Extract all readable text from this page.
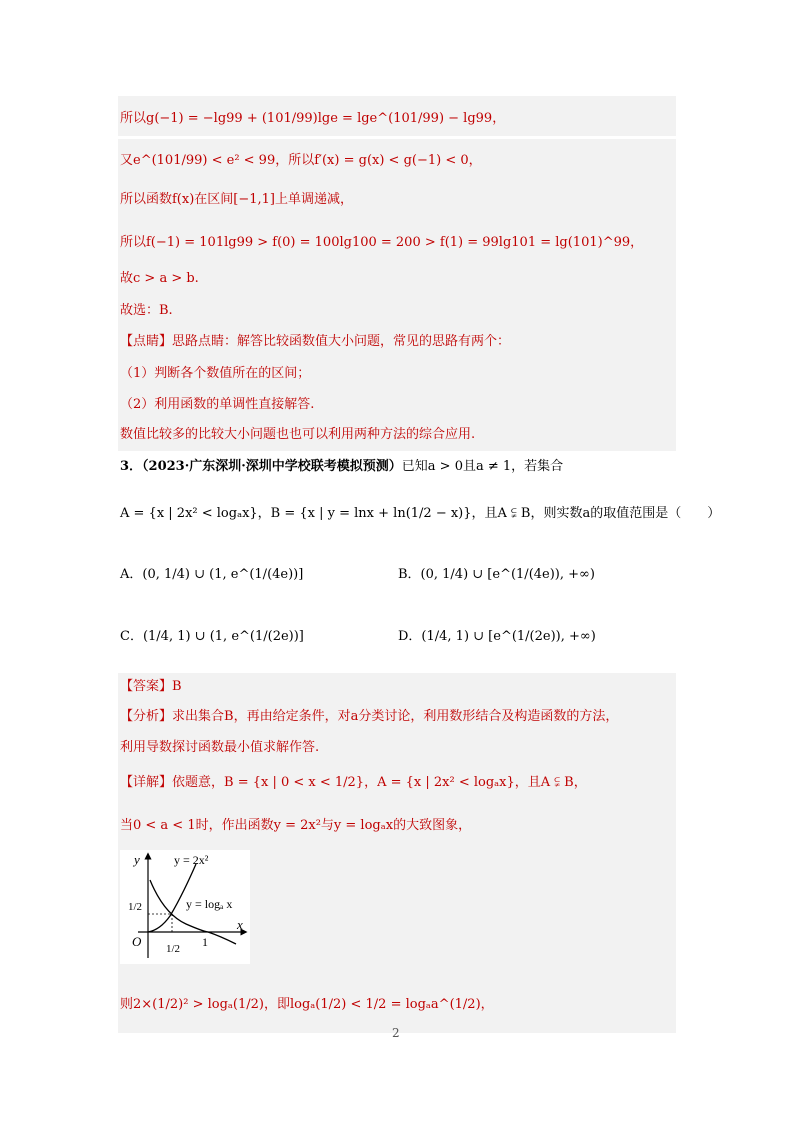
所以g(−1) = −lg99 + (101/99)lge = lge^(101/99) − lg99，
又e^(101/99) < e² < 99，所以f′(x) = g(x) < g(−1) < 0，
所以函数f(x)在区间[−1,1]上单调递减，
所以f(−1) = 101lg99 > f(0) = 100lg100 = 200 > f(1) = 99lg101 = lg(101)^99，
故c > a > b.
故选：B.
【点睛】思路点睛：解答比较函数值大小问题，常见的思路有两个：
（1）判断各个数值所在的区间；
（2）利用函数的单调性直接解答.
数值比较多的比较大小问题也也可以利用两种方法的综合应用.
3．（2023·广东深圳·深圳中学校联考模拟预测）已知a > 0且a ≠ 1，若集合
A = {x | 2x² < logₐx}，B = {x | y = lnx + ln(1/2 − x)}，且A ⫋ B，则实数a的取值范围是（　　）
A．(0, 1/4) ∪ (1, e^(1/(4e))]	B．(0, 1/4) ∪ [e^(1/(4e)), +∞)
C．(1/4, 1) ∪ (1, e^(1/(2e))]	D．(1/4, 1) ∪ [e^(1/(2e)), +∞)
【答案】B
【分析】求出集合B，再由给定条件，对a分类讨论，利用数形结合及构造函数的方法，
利用导数探讨函数最小值求解作答.
【详解】依题意，B = {x | 0 < x < 1/2}，A = {x | 2x² < logₐx}，且A ⫋ B，
当0 < a < 1时，作出函数y = 2x²与y = logₐx的大致图象，
y
x
O
y = 2x²
y = logₐ x
1/2
1/2 1
则2×(1/2)² > logₐ(1/2)，即logₐ(1/2) < 1/2 = logₐa^(1/2)，
2
